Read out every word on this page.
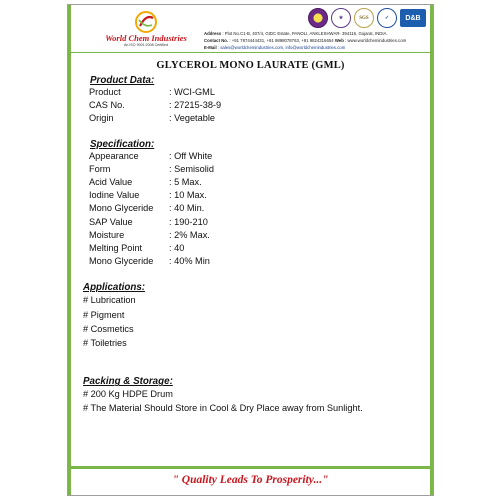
World Chem Industries
An ISO 9001:2008 Certified
★	SGS	✓	D&B
Address : Plot No.C1-B, 407/4, GIDC Estate, PANOLI, ANKLESHWAR- 394116, Gujarat, INDIA.
Contact No. : +91 7874444431, +91 9898078763, +91 9824316654 Web : www.worldchemindustries.com
E-Mail : sales@worldchemindustries.com, info@worldchemindustries.com
GLYCEROL MONO LAURATE (GML)
Product Data:
Product	: WCI-GML
CAS No.	: 27215-38-9
Origin	: Vegetable
Specification:
Appearance	: Off White
Form	: Semisolid
Acid Value	: 5 Max.
Iodine Value	: 10 Max.
Mono Glyceride	: 40 Min.
SAP Value	: 190-210
Moisture	: 2% Max.
Melting Point	: 40
Mono Glyceride	: 40% Min
Applications:
# Lubrication
# Pigment
# Cosmetics
# Toiletries
Packing & Storage:
# 200 Kg HDPE Drum
# The Material Should Store in Cool & Dry Place away from Sunlight.
" Quality Leads To Prosperity..."
